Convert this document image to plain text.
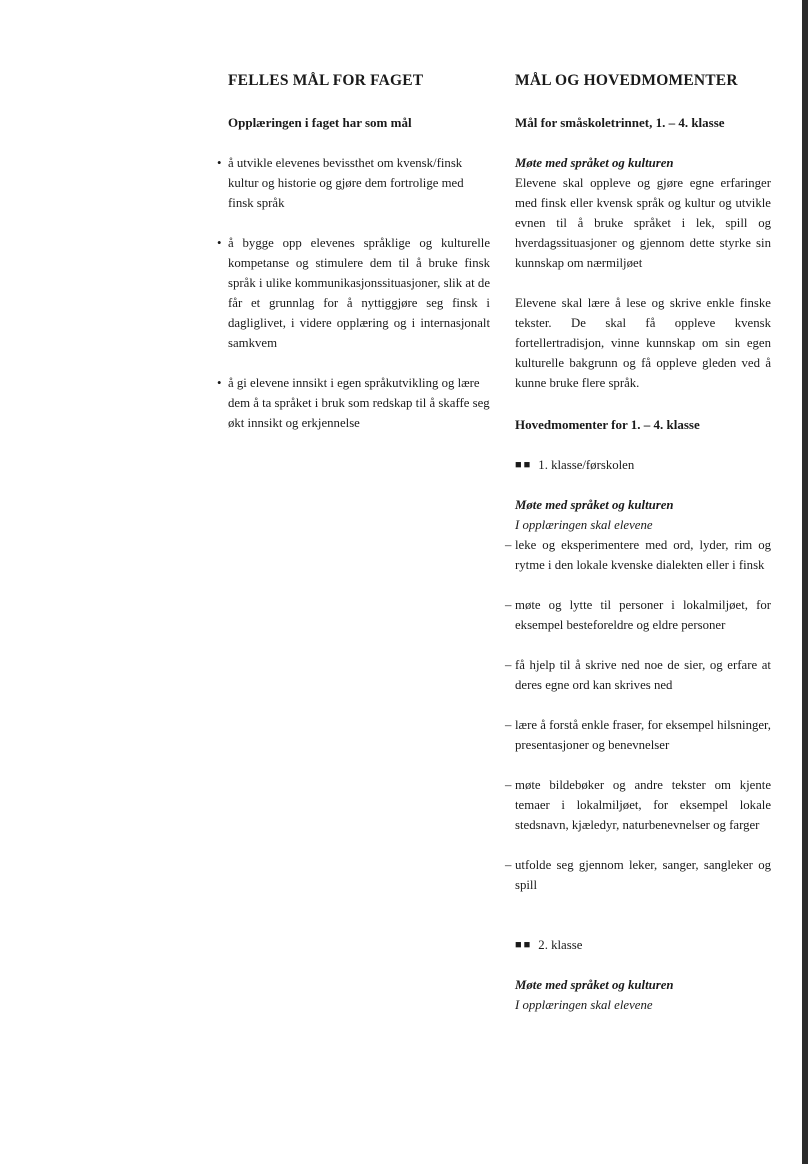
FELLES MÅL FOR FAGET
Opplæringen i faget har som mål
• å utvikle elevenes bevissthet om kvensk/finsk kultur og historie og gjøre dem fortrolige med finsk språk
• å bygge opp elevenes språklige og kulturelle kompetanse og stimulere dem til å bruke finsk språk i ulike kommunikasjonssituasjoner, slik at de får et grunnlag for å nyttiggjøre seg finsk i dagliglivet, i videre opplæring og i internasjonalt samkvem
• å gi elevene innsikt i egen språkutvikling og lære dem å ta språket i bruk som redskap til å skaffe seg økt innsikt og erkjennelse
MÅL OG HOVEDMOMENTER
Mål for småskoletrinnet, 1. – 4. klasse
Møte med språket og kulturen
Elevene skal oppleve og gjøre egne erfaringer med finsk eller kvensk språk og kultur og utvikle evnen til å bruke språket i lek, spill og hverdagssituasjoner og gjennom dette styrke sin kunnskap om nærmiljøet
Elevene skal lære å lese og skrive enkle finske tekster. De skal få oppleve kvensk fortellertradisjon, vinne kunnskap om sin egen kulturelle bakgrunn og få oppleve gleden ved å kunne bruke flere språk.
Hovedmomenter for 1. – 4. klasse
■■ 1. klasse/førskolen
Møte med språket og kulturen
I opplæringen skal elevene
– leke og eksperimentere med ord, lyder, rim og rytme i den lokale kvenske dialekten eller i finsk
– møte og lytte til personer i lokalmiljøet, for eksempel besteforeldre og eldre personer
– få hjelp til å skrive ned noe de sier, og erfare at deres egne ord kan skrives ned
– lære å forstå enkle fraser, for eksempel hilsninger, presentasjoner og benevnelser
– møte bildebøker og andre tekster om kjente temaer i lokalmiljøet, for eksempel lokale stedsnavn, kjæledyr, naturbenevnelser og farger
– utfolde seg gjennom leker, sanger, sangleker og spill
■■ 2. klasse
Møte med språket og kulturen
I opplæringen skal elevene
